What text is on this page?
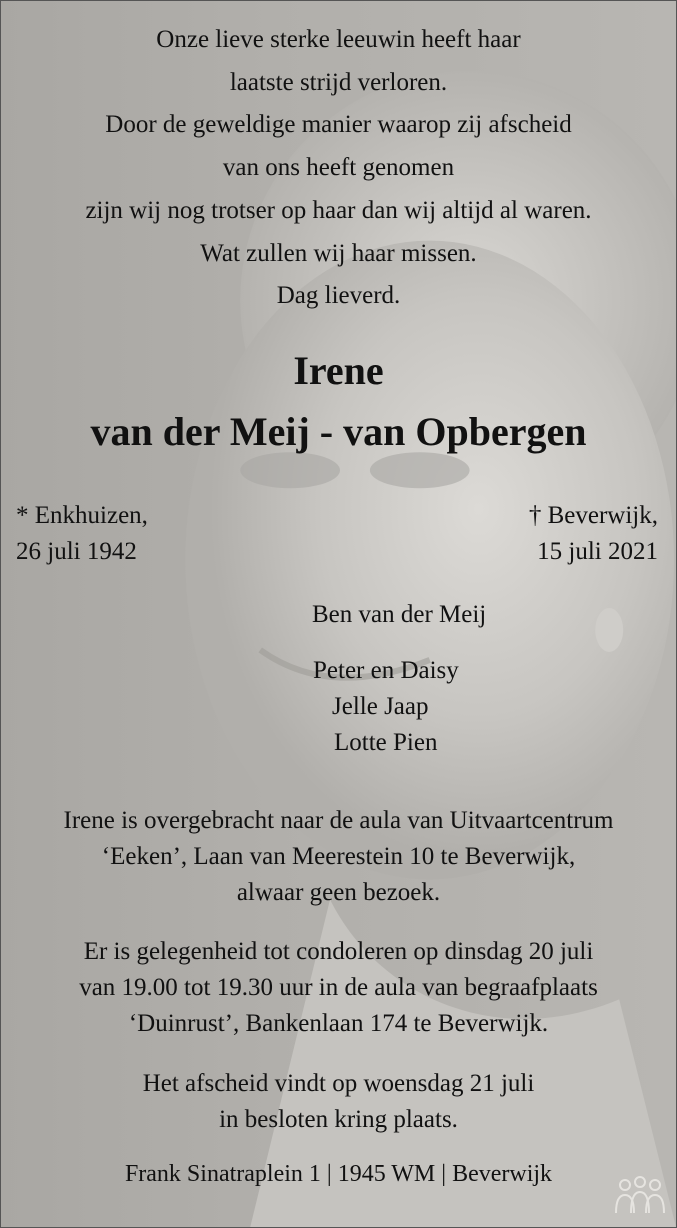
Onze lieve sterke leeuwin heeft haar
laatste strijd verloren.
Door de geweldige manier waarop zij afscheid
van ons heeft genomen
zijn wij nog trotser op haar dan wij altijd al waren.
Wat zullen wij haar missen.
Dag lieverd.
Irene
van der Meij - van Opbergen
* Enkhuizen,
26 juli 1942
† Beverwijk,
15 juli 2021
Ben van der Meij
Peter en Daisy
Jelle Jaap
Lotte Pien
Irene is overgebracht naar de aula van Uitvaartcentrum
‘Eeken’, Laan van Meerestein 10 te Beverwijk,
alwaar geen bezoek.
Er is gelegenheid tot condoleren op dinsdag 20 juli
van 19.00 tot 19.30 uur in de aula van begraafplaats
‘Duinrust’, Bankenlaan 174 te Beverwijk.
Het afscheid vindt op woensdag 21 juli
in besloten kring plaats.
Frank Sinatraplein 1 | 1945 WM | Beverwijk
